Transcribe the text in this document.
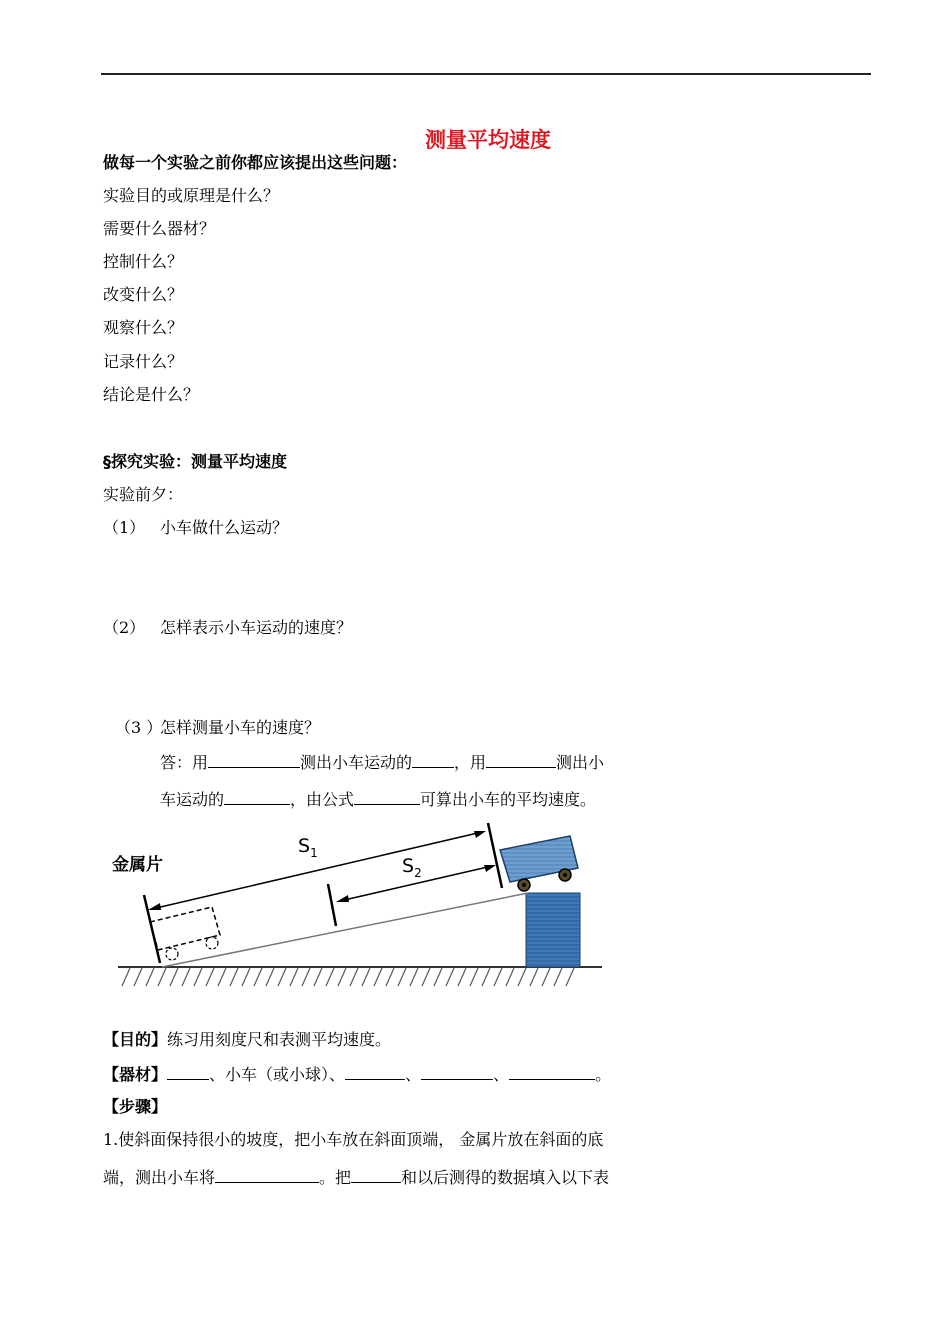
测量平均速度
做每一个实验之前你都应该提出这些问题：
实验目的或原理是什么？
需要什么器材？
控制什么？
改变什么？
观察什么？
记录什么？
结论是什么？
§探究实验：测量平均速度
实验前夕：
（1） 小车做什么运动？
（2） 怎样表示小车运动的速度？
（3 ）
怎样测量小车的速度？
答：用	测出小车运动的	，用	测出小
车运动的	，由公式	可算出小车的平均速度。
金属片
$S_1$
$S_2$
【目的】练习用刻度尺和表测平均速度。
【器材】	、小车（或小球）、	、	、	。
【步骤】
1.使斜面保持很小的坡度，把小车放在斜面顶端， 金属片放在斜面的底
端，测出小车将	。把	和以后测得的数据填入以下表
